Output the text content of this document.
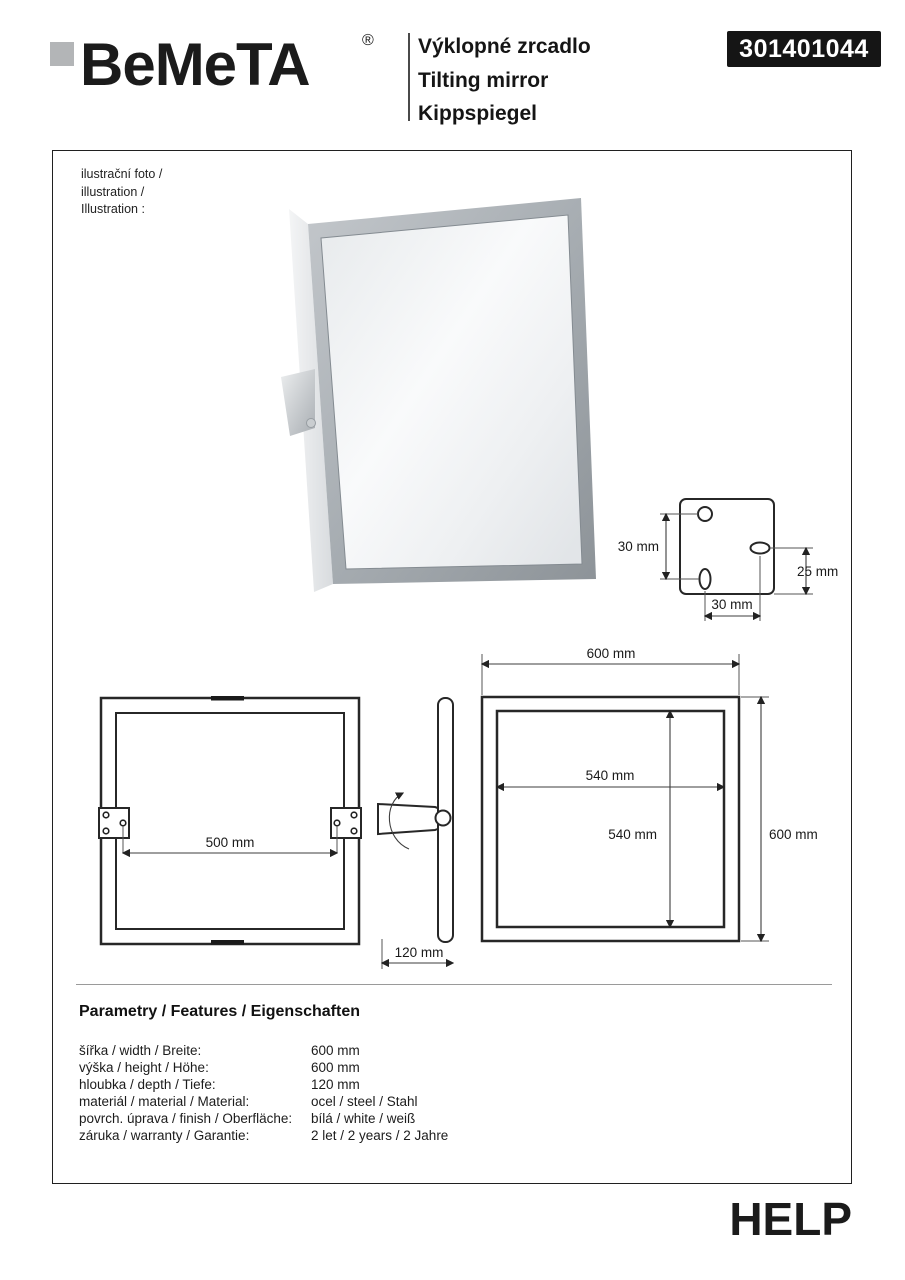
BeMeTA	® Výklopné zrcadlo
Tilting mirror
Kippspiegel
301401044
ilustrační foto /
illustration /
Illustration :
30 mm
25 mm
30 mm
500 mm
120 mm
600 mm
600 mm
540 mm
540 mm
Parametry / Features / Eigenschaften
šířka / width / Breite:	600 mm
výška / height / Höhe:	600 mm
hloubka / depth / Tiefe:	120 mm
materiál / material / Material:	ocel / steel / Stahl
povrch. úprava / finish / Oberfläche:	bílá / white / weiß
záruka / warranty / Garantie:	2 let / 2 years / 2 Jahre
HELP
